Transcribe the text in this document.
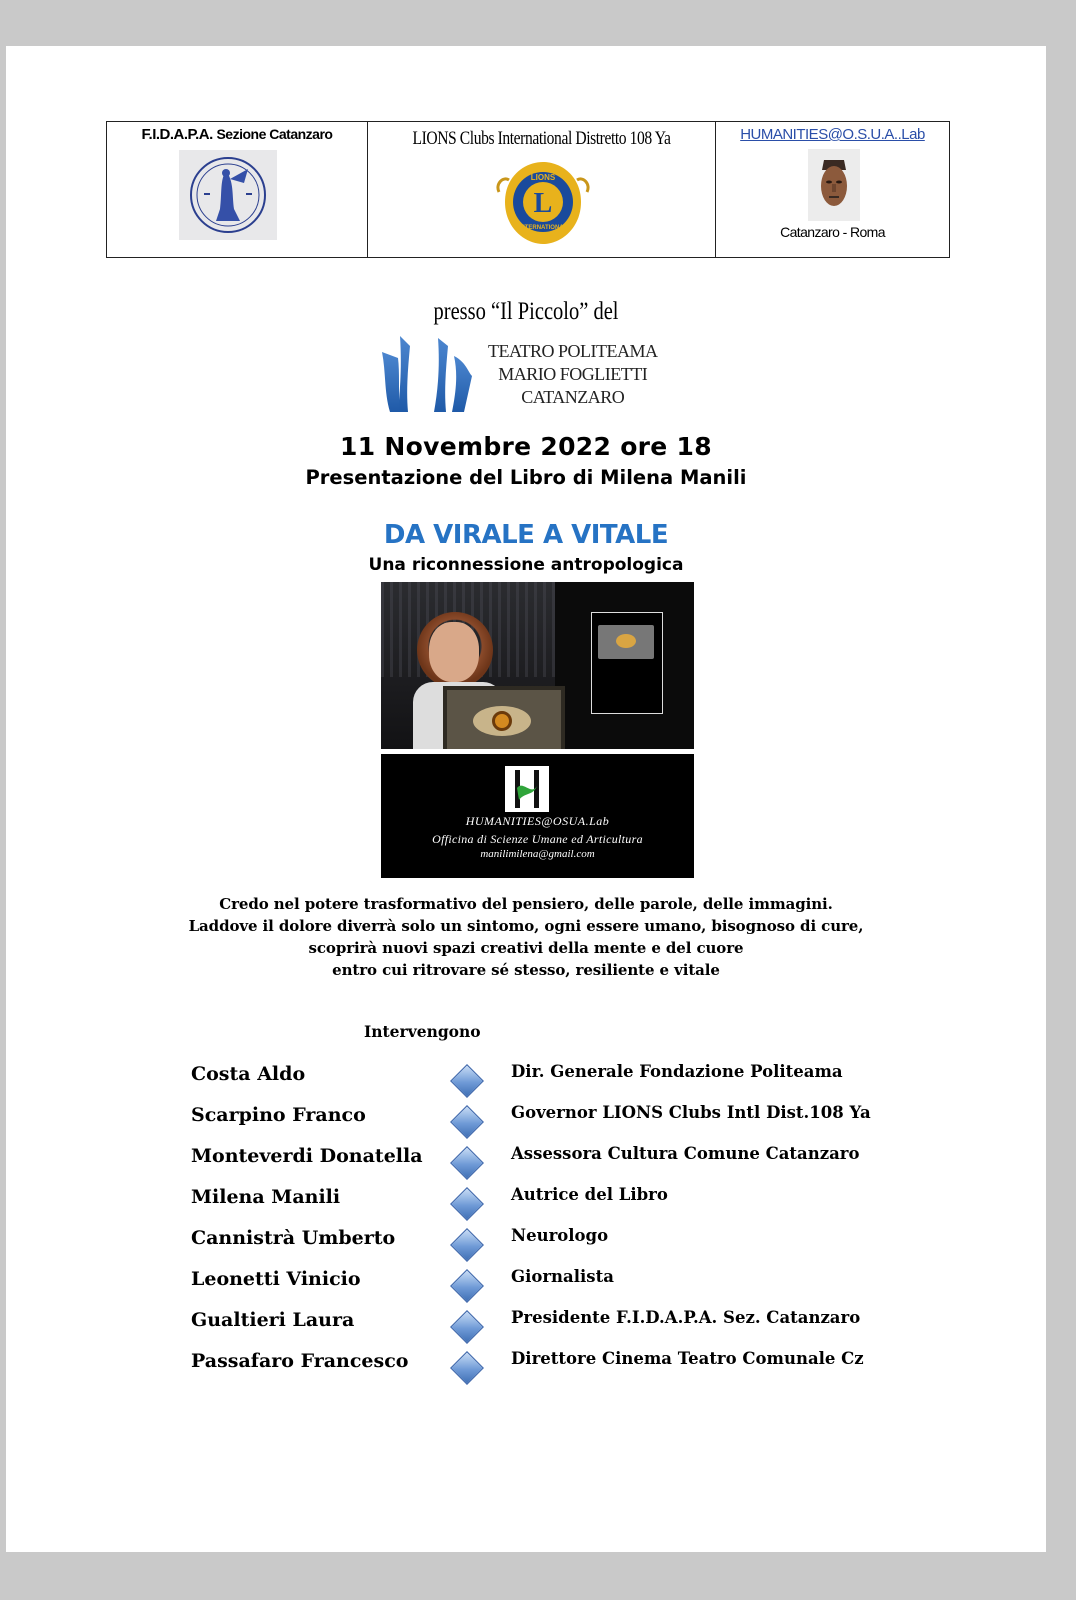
F.I.D.A.P.A. Sezione Catanzaro	LIONS Clubs International Distretto 108 Ya
L
LIONS
INTERNATIONAL
HUMANITIES@O.S.U.A..Lab
Catanzaro - Roma
presso “Il Piccolo” del
TEATRO POLITEAMA
MARIO FOGLIETTI
CATANZARO
11 Novembre 2022 ore 18
Presentazione del Libro di Milena Manili
DA VIRALE A VITALE
Una riconnessione antropologica
HUMANITIES@OSUA.Lab
Officina di Scienze Umane ed Articultura
manilimilena@gmail.com
Credo nel potere trasformativo del pensiero, delle parole, delle immagini.
Laddove il dolore diverrà solo un sintomo, ogni essere umano, bisognoso di cure,
scoprirà nuovi spazi creativi della mente e del cuore
entro cui ritrovare sé stesso, resiliente e vitale
Intervengono
Costa Aldo	Dir. Generale Fondazione Politeama
Scarpino Franco	Governor LIONS Clubs Intl Dist.108 Ya
Monteverdi Donatella	Assessora Cultura Comune Catanzaro
Milena Manili	Autrice del Libro
Cannistrà Umberto	Neurologo
Leonetti Vinicio	Giornalista
Gualtieri Laura	Presidente F.I.D.A.P.A. Sez. Catanzaro
Passafaro Francesco	Direttore Cinema Teatro Comunale Cz
